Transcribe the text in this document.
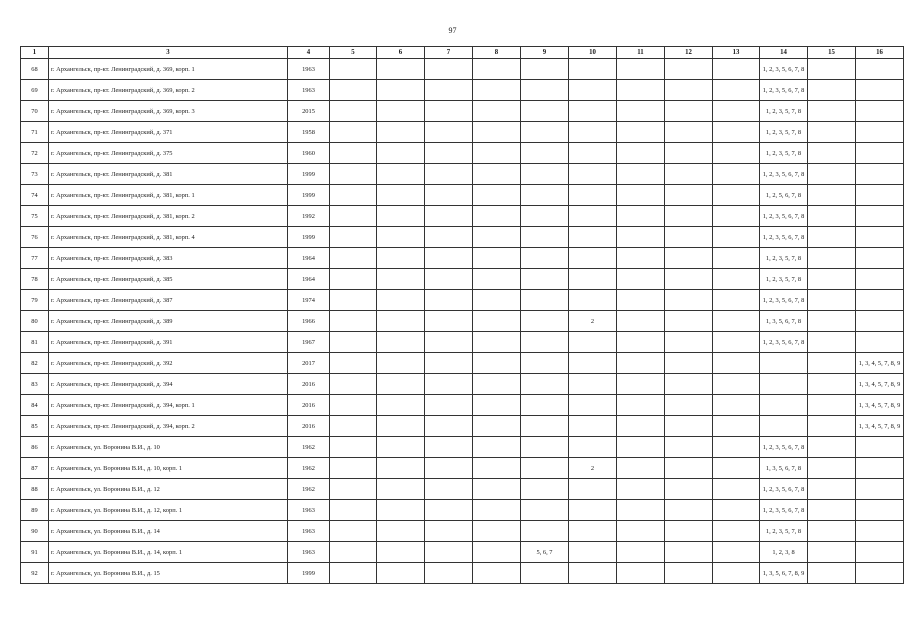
97
1	3	4	5	6	7	8	9	10	11	12	13	14	15	16
68	г. Архангельск, пр-кт. Ленинградский, д. 369, корп. 1	1963										1, 2, 3, 5, 6, 7, 8		
69	г. Архангельск, пр-кт. Ленинградский, д. 369, корп. 2	1963										1, 2, 3, 5, 6, 7, 8		
70	г. Архангельск, пр-кт. Ленинградский, д. 369, корп. 3	2015										1, 2, 3, 5, 7, 8		
71	г. Архангельск, пр-кт. Ленинградский, д. 371	1958										1, 2, 3, 5, 7, 8		
72	г. Архангельск, пр-кт. Ленинградский, д. 375	1960										1, 2, 3, 5, 7, 8		
73	г. Архангельск, пр-кт. Ленинградский, д. 381	1999										1, 2, 3, 5, 6, 7, 8		
74	г. Архангельск, пр-кт. Ленинградский, д. 381, корп. 1	1999										1, 2, 5, 6, 7, 8		
75	г. Архангельск, пр-кт. Ленинградский, д. 381, корп. 2	1992										1, 2, 3, 5, 6, 7, 8		
76	г. Архангельск, пр-кт. Ленинградский, д. 381, корп. 4	1999										1, 2, 3, 5, 6, 7, 8		
77	г. Архангельск, пр-кт. Ленинградский, д. 383	1964										1, 2, 3, 5, 7, 8		
78	г. Архангельск, пр-кт. Ленинградский, д. 385	1964										1, 2, 3, 5, 7, 8		
79	г. Архангельск, пр-кт. Ленинградский, д. 387	1974										1, 2, 3, 5, 6, 7, 8		
80	г. Архангельск, пр-кт. Ленинградский, д. 389	1966						2				1, 3, 5, 6, 7, 8		
81	г. Архангельск, пр-кт. Ленинградский, д. 391	1967										1, 2, 3, 5, 6, 7, 8		
82	г. Архангельск, пр-кт. Ленинградский, д. 392	2017												1, 3, 4, 5, 7, 8, 9
83	г. Архангельск, пр-кт. Ленинградский, д. 394	2016												1, 3, 4, 5, 7, 8, 9
84	г. Архангельск, пр-кт. Ленинградский, д. 394, корп. 1	2016												1, 3, 4, 5, 7, 8, 9
85	г. Архангельск, пр-кт. Ленинградский, д. 394, корп. 2	2016												1, 3, 4, 5, 7, 8, 9
86	г. Архангельск, ул. Воронина В.И., д. 10	1962										1, 2, 3, 5, 6, 7, 8		
87	г. Архангельск, ул. Воронина В.И., д. 10, корп. 1	1962						2				1, 3, 5, 6, 7, 8		
88	г. Архангельск, ул. Воронина В.И., д. 12	1962										1, 2, 3, 5, 6, 7, 8		
89	г. Архангельск, ул. Воронина В.И., д. 12, корп. 1	1963										1, 2, 3, 5, 6, 7, 8		
90	г. Архангельск, ул. Воронина В.И., д. 14	1963										1, 2, 3, 5, 7, 8		
91	г. Архангельск, ул. Воронина В.И., д. 14, корп. 1	1963					5, 6, 7					1, 2, 3, 8		
92	г. Архангельск, ул. Воронина В.И., д. 15	1999										1, 3, 5, 6, 7, 8, 9		
